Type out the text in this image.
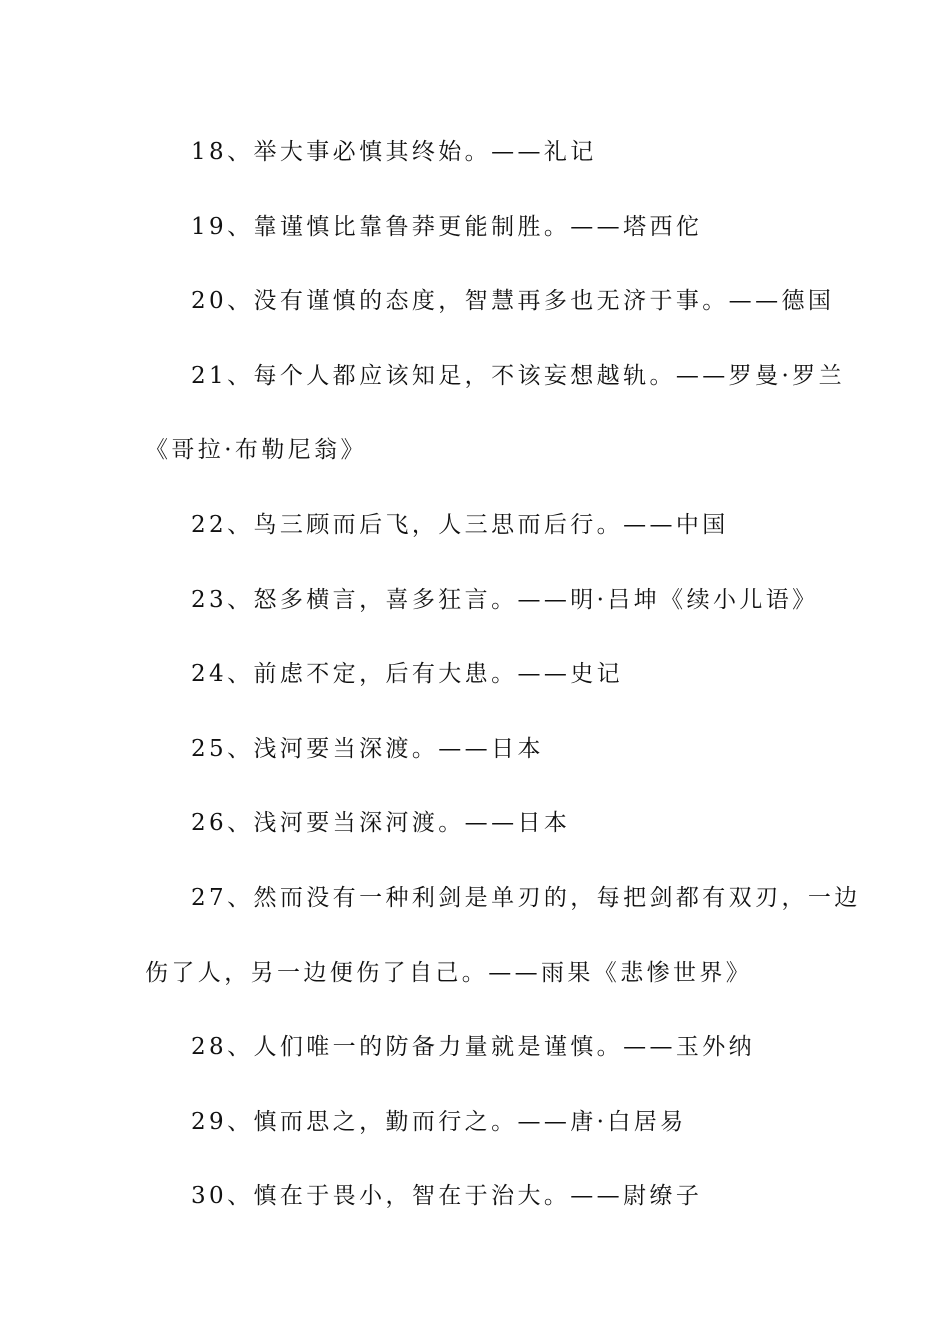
18、举大事必慎其终始。——礼记
19、靠谨慎比靠鲁莽更能制胜。——塔西佗
20、没有谨慎的态度，智慧再多也无济于事。——德国
21、每个人都应该知足，不该妄想越轨。——罗曼·罗兰
《哥拉·布勒尼翁》
22、鸟三顾而后飞，人三思而后行。——中国
23、怒多横言，喜多狂言。——明·吕坤《续小儿语》
24、前虑不定，后有大患。——史记
25、浅河要当深渡。——日本
26、浅河要当深河渡。——日本
27、然而没有一种利剑是单刃的，每把剑都有双刃，一边
伤了人，另一边便伤了自己。——雨果《悲惨世界》
28、人们唯一的防备力量就是谨慎。——玉外纳
29、慎而思之，勤而行之。——唐·白居易
30、慎在于畏小，智在于治大。——尉缭子
